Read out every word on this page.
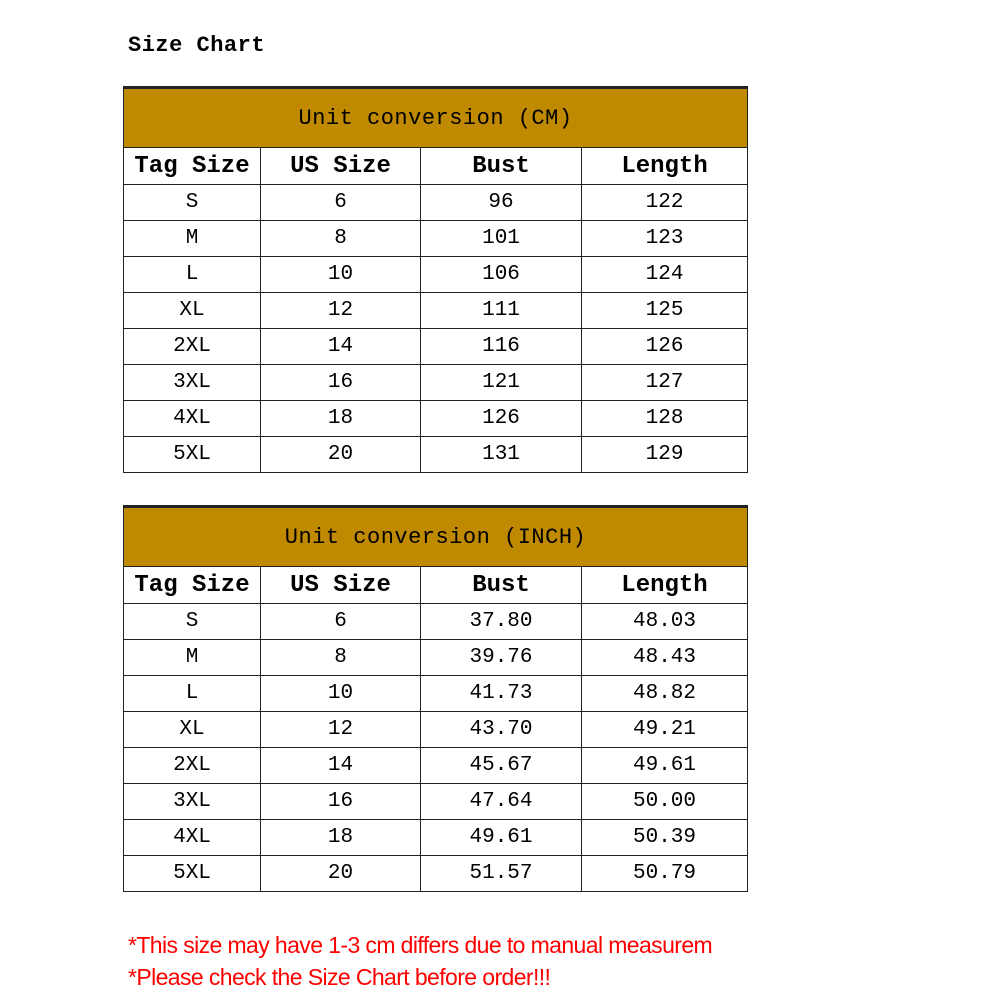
Size Chart
Unit conversion (CM)			
Tag Size	US Size	Bust	Length
S	6	96	122
M	8	101	123
L	10	106	124
XL	12	111	125
2XL	14	116	126
3XL	16	121	127
4XL	18	126	128
5XL	20	131	129
Unit conversion (INCH)			
Tag Size	US Size	Bust	Length
S	6	37.80	48.03
M	8	39.76	48.43
L	10	41.73	48.82
XL	12	43.70	49.21
2XL	14	45.67	49.61
3XL	16	47.64	50.00
4XL	18	49.61	50.39
5XL	20	51.57	50.79
*This size may have 1-3 cm differs due to manual measurem
*Please check the Size Chart before order!!!
